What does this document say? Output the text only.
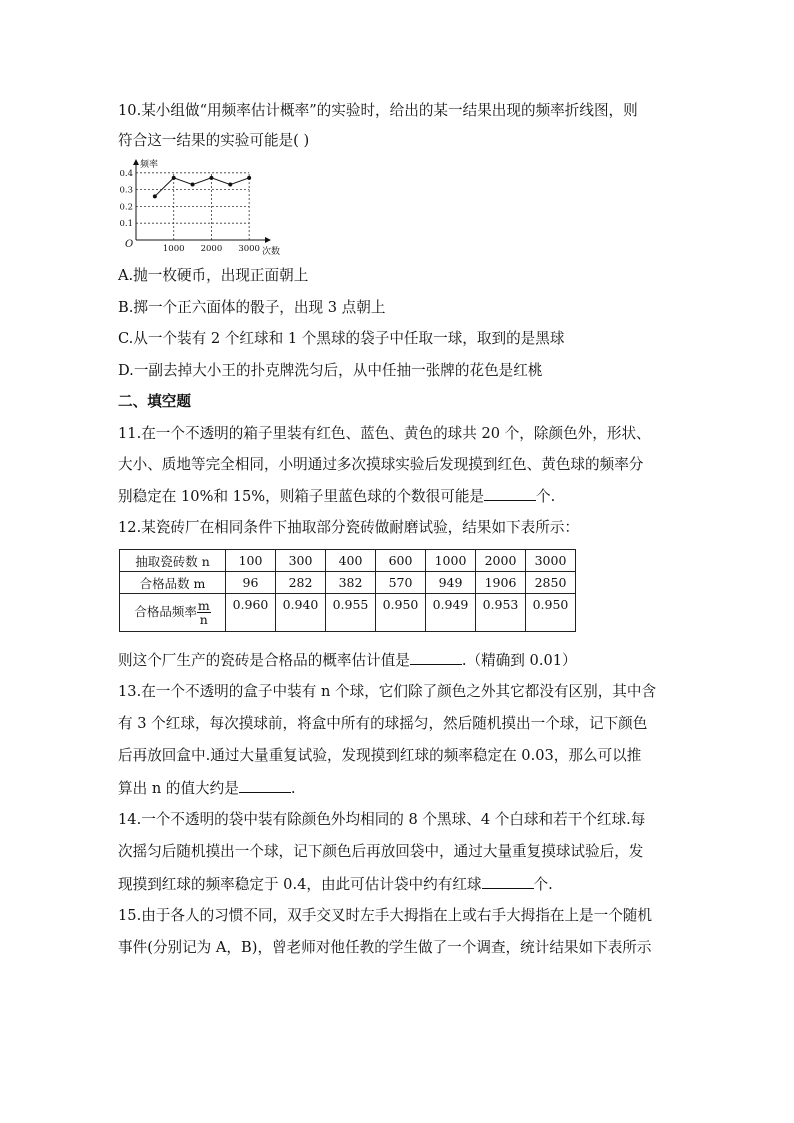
10.某小组做“用频率估计概率”的实验时，给出的某一结果出现的频率折线图，则
符合这一结果的实验可能是( )
频率
次数
O
0.4
0.3
0.2
0.1
1000 2000 3000
A.抛一枚硬币，出现正面朝上
B.掷一个正六面体的骰子，出现 3 点朝上
C.从一个装有 2 个红球和 1 个黑球的袋子中任取一球，取到的是黑球
D.一副去掉大小王的扑克牌洗匀后，从中任抽一张牌的花色是红桃
二、填空题
11.在一个不透明的箱子里装有红色、蓝色、黄色的球共 20 个，除颜色外，形状、
大小、质地等完全相同，小明通过多次摸球实验后发现摸到红色、黄色球的频率分
别稳定在 10%和 15%，则箱子里蓝色球的个数很可能是	个.
12.某瓷砖厂在相同条件下抽取部分瓷砖做耐磨试验，结果如下表所示：
抽取瓷砖数 n	100	300	400	600	1000	2000	3000
合格品数 m	96	282	382	570	949	1906	2850
合格品频率 $\frac{m}{n}$	0.960	0.940	0.955	0.950	0.949	0.953	0.950
则这个厂生产的瓷砖是合格品的概率估计值是	.（精确到 0.01）
13.在一个不透明的盒子中装有 n 个球，它们除了颜色之外其它都没有区别，其中含
有 3 个红球，每次摸球前，将盒中所有的球摇匀，然后随机摸出一个球，记下颜色
后再放回盒中.通过大量重复试验，发现摸到红球的频率稳定在 0.03，那么可以推
算出 n 的值大约是	.
14.一个不透明的袋中装有除颜色外均相同的 8 个黑球、4 个白球和若干个红球.每
次摇匀后随机摸出一个球，记下颜色后再放回袋中，通过大量重复摸球试验后，发
现摸到红球的频率稳定于 0.4，由此可估计袋中约有红球	个.
15.由于各人的习惯不同，双手交叉时左手大拇指在上或右手大拇指在上是一个随机
事件(分别记为 A，B)，曾老师对他任教的学生做了一个调查，统计结果如下表所示
